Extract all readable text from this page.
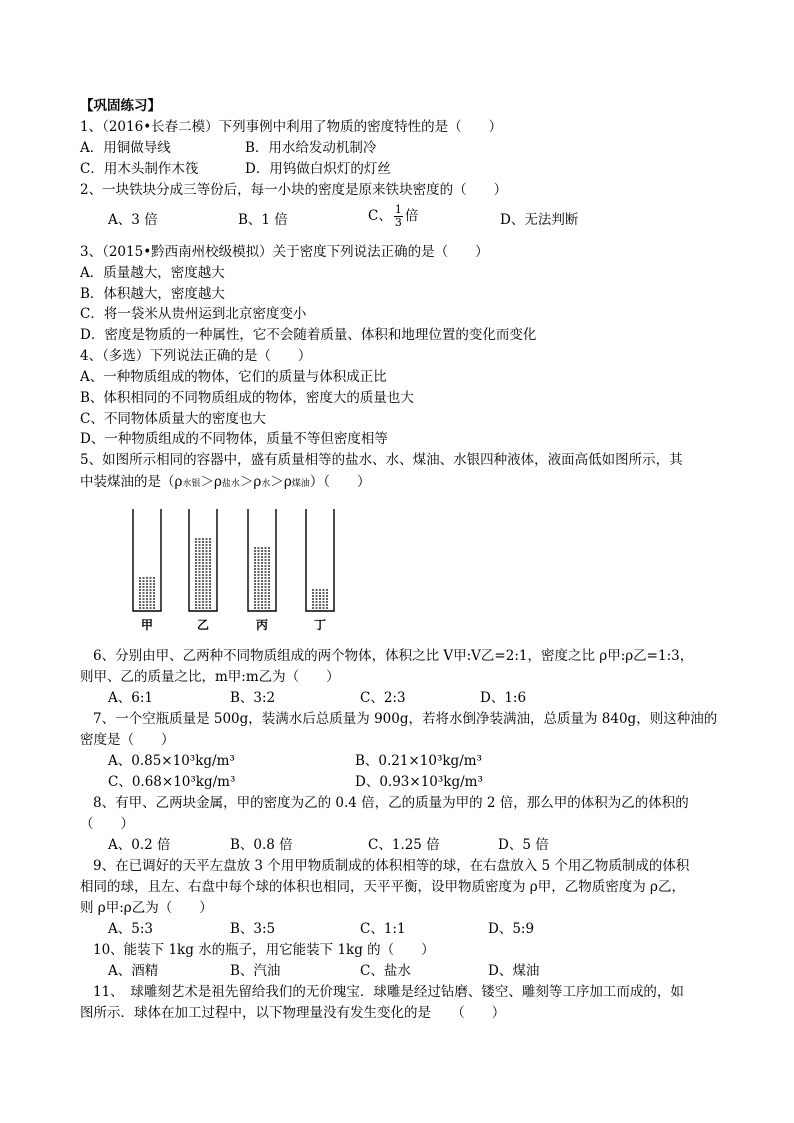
【巩固练习】
1、（2016•长春二模）下列事例中利用了物质的密度特性的是（　　）
A．用铜做导线	B．用水给发动机制冷
C．用木头制作木筏	D．用钨做白炽灯的灯丝
2、一块铁块分成三等份后，每一小块的密度是原来铁块密度的（　　）
A、3 倍	B、1 倍	C、 $\frac{1}{3}$ 倍	D、无法判断
3、（2015•黔西南州校级模拟）关于密度下列说法正确的是（　　）
A．质量越大，密度越大
B．体积越大，密度越大
C．将一袋米从贵州运到北京密度变小
D．密度是物质的一种属性，它不会随着质量、体积和地理位置的变化而变化
4、（多选）下列说法正确的是（　　）
A、一种物质组成的物体，它们的质量与体积成正比
B、体积相同的不同物质组成的物体，密度大的质量也大
C、不同物体质量大的密度也大
D、一种物质组成的不同物体，质量不等但密度相等
5、如图所示相同的容器中，盛有质量相等的盐水、水、煤油、水银四种液体，液面高低如图所示，其
中装煤油的是（ρ水银＞ρ盐水＞ρ水＞ρ煤油）（　　）
甲	乙	丙	丁
6、分别由甲、乙两种不同物质组成的两个物体，体积之比 V甲:V乙=2:1，密度之比 ρ甲:ρ乙=1:3，
则甲、乙的质量之比，m甲:m乙为（　　）
A、6:1	B、3:2	C、2:3	D、1:6
7、一个空瓶质量是 500g，装满水后总质量为 900g，若将水倒净装满油，总质量为 840g，则这种油的
密度是（　　）
A、0.85×10³kg/m³	B、0.21×10³kg/m³
C、0.68×10³kg/m³	D、0.93×10³kg/m³
8、有甲、乙两块金属，甲的密度为乙的 0.4 倍，乙的质量为甲的 2 倍，那么甲的体积为乙的体积的
（　　）
A、0.2 倍	B、0.8 倍	C、1.25 倍	D、5 倍
9、在已调好的天平左盘放 3 个用甲物质制成的体积相等的球，在右盘放入 5 个用乙物质制成的体积
相同的球，且左、右盘中每个球的体积也相同，天平平衡，设甲物质密度为 ρ甲，乙物质密度为 ρ乙，
则 ρ甲:ρ乙为（　　）
A、5:3	B、3:5	C、1:1	D、5:9
10、能装下 1kg 水的瓶子，用它能装下 1kg 的（　　）
A、酒精	B、汽油	C、盐水	D、煤油
11、　球雕刻艺术是祖先留给我们的无价瑰宝．球雕是经过钻磨、镂空、雕刻等工序加工而成的，如
图所示．球体在加工过程中，以下物理量没有发生变化的是　　（　　）
